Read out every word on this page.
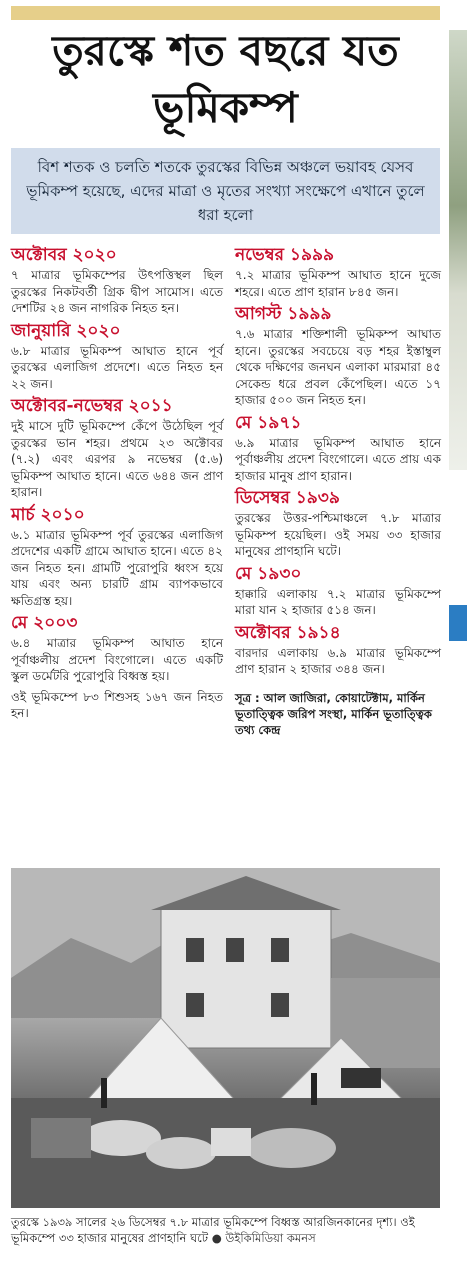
তুরস্কে শত বছরে যত ভূমিকম্প
বিশ শতক ও চলতি শতকে তুরস্কের বিভিন্ন অঞ্চলে ভয়াবহ যেসব ভূমিকম্প হয়েছে, এদের মাত্রা ও মৃতের সংখ্যা সংক্ষেপে এখানে তুলে ধরা হলো
অক্টোবর ২০২০

৭ মাত্রার ভূমিকম্পের উৎপত্তিস্থল ছিল তুরস্কের নিকটবর্তী গ্রিক দ্বীপ সামোস। এতে দেশটির ২৪ জন নাগরিক নিহত হন।

জানুয়ারি ২০২০

৬.৮ মাত্রার ভূমিকম্প আঘাত হানে পূর্ব তুরস্কের এলাজিগ প্রদেশে। এতে নিহত হন ২২ জন।

অক্টোবর-নভেম্বর ২০১১

দুই মাসে দুটি ভূমিকম্পে কেঁপে উঠেছিল পূর্ব তুরস্কের ভান শহর। প্রথমে ২৩ অক্টোবর (৭.২) এবং এরপর ৯ নভেম্বর (৫.৬) ভূমিকম্প আঘাত হানে। এতে ৬৪৪ জন প্রাণ হারান।

মার্চ ২০১০

৬.১ মাত্রার ভূমিকম্প পূর্ব তুরস্কের এলাজিগ প্রদেশের একটি গ্রামে আঘাত হানে। এতে ৪২ জন নিহত হন। গ্রামটি পুরোপুরি ধ্বংস হয়ে যায় এবং অন্য চারটি গ্রাম ব্যাপকভাবে ক্ষতিগ্রস্ত হয়।

মে ২০০৩

৬.৪ মাত্রার ভূমিকম্প আঘাত হানে পূর্বাঞ্চলীয় প্রদেশ বিংগোলে। এতে একটি স্কুল ডর্মেটরি পুরোপুরি বিধ্বস্ত হয়।

ওই ভূমিকম্পে ৮৩ শিশুসহ ১৬৭ জন নিহত হন।

নভেম্বর ১৯৯৯

৭.২ মাত্রার ভূমিকম্প আঘাত হানে দুজে শহরে। এতে প্রাণ হারান ৮৪৫ জন।

আগস্ট ১৯৯৯

৭.৬ মাত্রার শক্তিশালী ভূমিকম্প আঘাত হানে। তুরস্কের সবচেয়ে বড় শহর ইস্তাম্বুল থেকে দক্ষিণের জনঘন এলাকা মারমারা ৪৫ সেকেন্ড ধরে প্রবল কেঁপেছিল। এতে ১৭ হাজার ৫০০ জন নিহত হন।

মে ১৯৭১

৬.৯ মাত্রার ভূমিকম্প আঘাত হানে পূর্বাঞ্চলীয় প্রদেশ বিংগোলে। এতে প্রায় এক হাজার মানুষ প্রাণ হারান।

ডিসেম্বর ১৯৩৯

তুরস্কের উত্তর-পশ্চিমাঞ্চলে ৭.৮ মাত্রার ভূমিকম্প হয়েছিল। ওই সময় ৩৩ হাজার মানুষের প্রাণহানি ঘটে।

মে ১৯৩০

হাক্কারি এলাকায় ৭.২ মাত্রার ভূমিকম্পে মারা যান ২ হাজার ৫১৪ জন।

অক্টোবর ১৯১৪

বারদার এলাকায় ৬.৯ মাত্রার ভূমিকম্পে প্রাণ হারান ২ হাজার ৩৪৪ জন।

সূত্র : আল জাজিরা, কোয়াটেক্টাম, মার্কিন ভূতাত্ত্বিক জরিপ সংস্থা, মার্কিন ভূতাত্ত্বিক তথ্য কেন্দ্র
তুরস্কে ১৯৩৯ সালের ২৬ ডিসেম্বর ৭.৮ মাত্রার ভূমিকম্পে বিধ্বস্ত আরজিনকানের দৃশ্য। ওই ভূমিকম্পে ৩৩ হাজার মানুষের প্রাণহানি ঘটে ● উইকিমিডিয়া কমনস
